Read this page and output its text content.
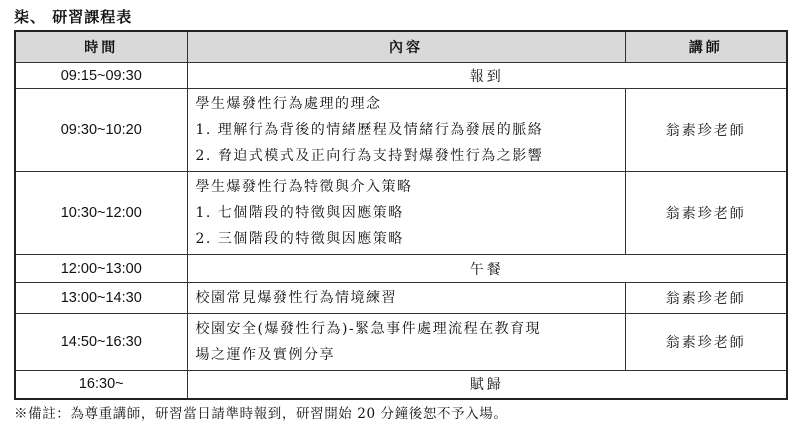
柒、 研習課程表
時間	內容	講師
09:15~09:30	報到	
09:30~10:20	學生爆發性行為處理的理念
1. 理解行為背後的情緒歷程及情緒行為發展的脈絡
2. 脅迫式模式及正向行為支持對爆發性行為之影響	翁素珍老師
10:30~12:00	學生爆發性行為特徵與介入策略
1. 七個階段的特徵與因應策略
2. 三個階段的特徵與因應策略	翁素珍老師
12:00~13:00	午餐	
13:00~14:30	校園常見爆發性行為情境練習	翁素珍老師
14:50~16:30	校園安全(爆發性行為)-緊急事件處理流程在教育現
場之運作及實例分享	翁素珍老師
16:30~	賦歸	
※備註：為尊重講師，研習當日請準時報到，研習開始 20 分鐘後恕不予入場。
